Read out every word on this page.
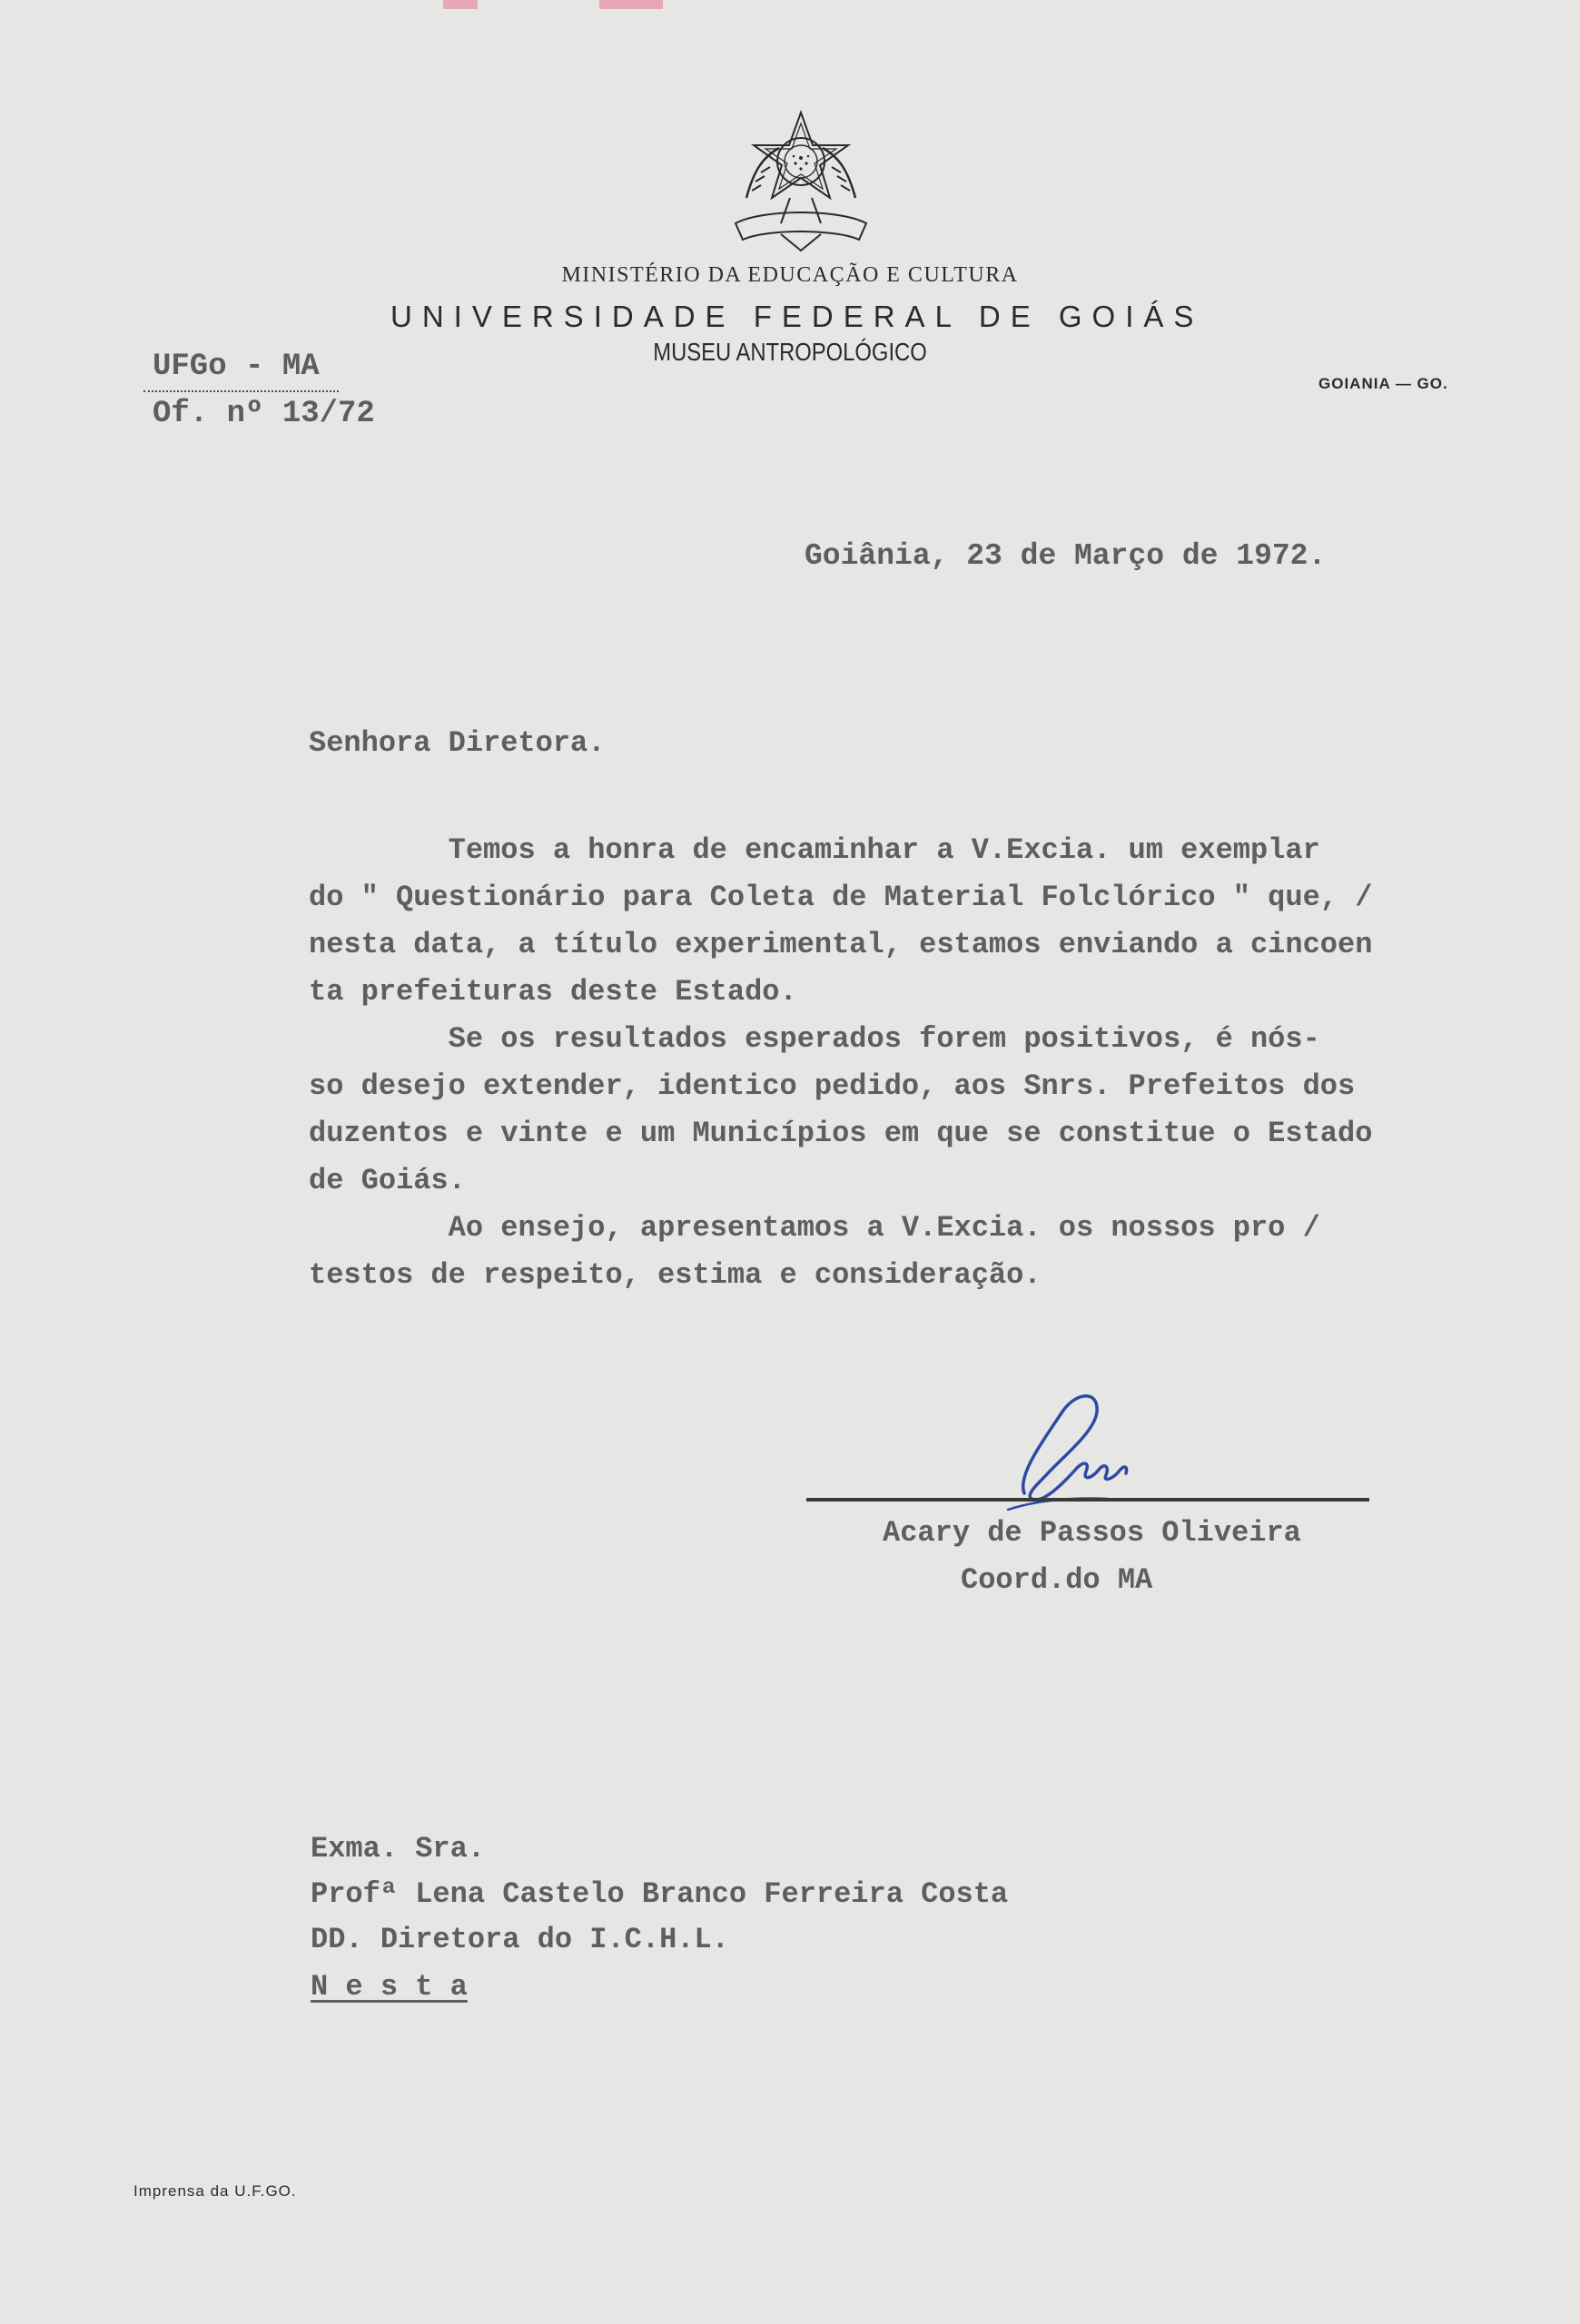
MINISTÉRIO DA EDUCAÇÃO E CULTURA

UNIVERSIDADE FEDERAL DE GOIÁS

MUSEU ANTROPOLÓGICO

GOIANIA — GO.

UFGo - MA

Of. nº 13/72

Goiânia, 23 de Março de 1972.

Senhora Diretora.

Temos a honra de encaminhar a V.Excia. um exemplar

do " Questionário para Coleta de Material Folclórico " que, /

nesta data, a título experimental, estamos enviando a cincoen

ta prefeituras deste Estado.

Se os resultados esperados forem positivos, é nós-

so desejo extender, identico pedido, aos Snrs. Prefeitos dos

duzentos e vinte e um Municípios em que se constitue o Estado

de Goiás.

Ao ensejo, apresentamos a V.Excia. os nossos pro /

testos de respeito, estima e consideração.

Acary de Passos Oliveira

Coord.do MA

Exma. Sra.

Profª Lena Castelo Branco Ferreira Costa

DD. Diretora do I.C.H.L.

N e s t a

Imprensa da U.F.GO.
